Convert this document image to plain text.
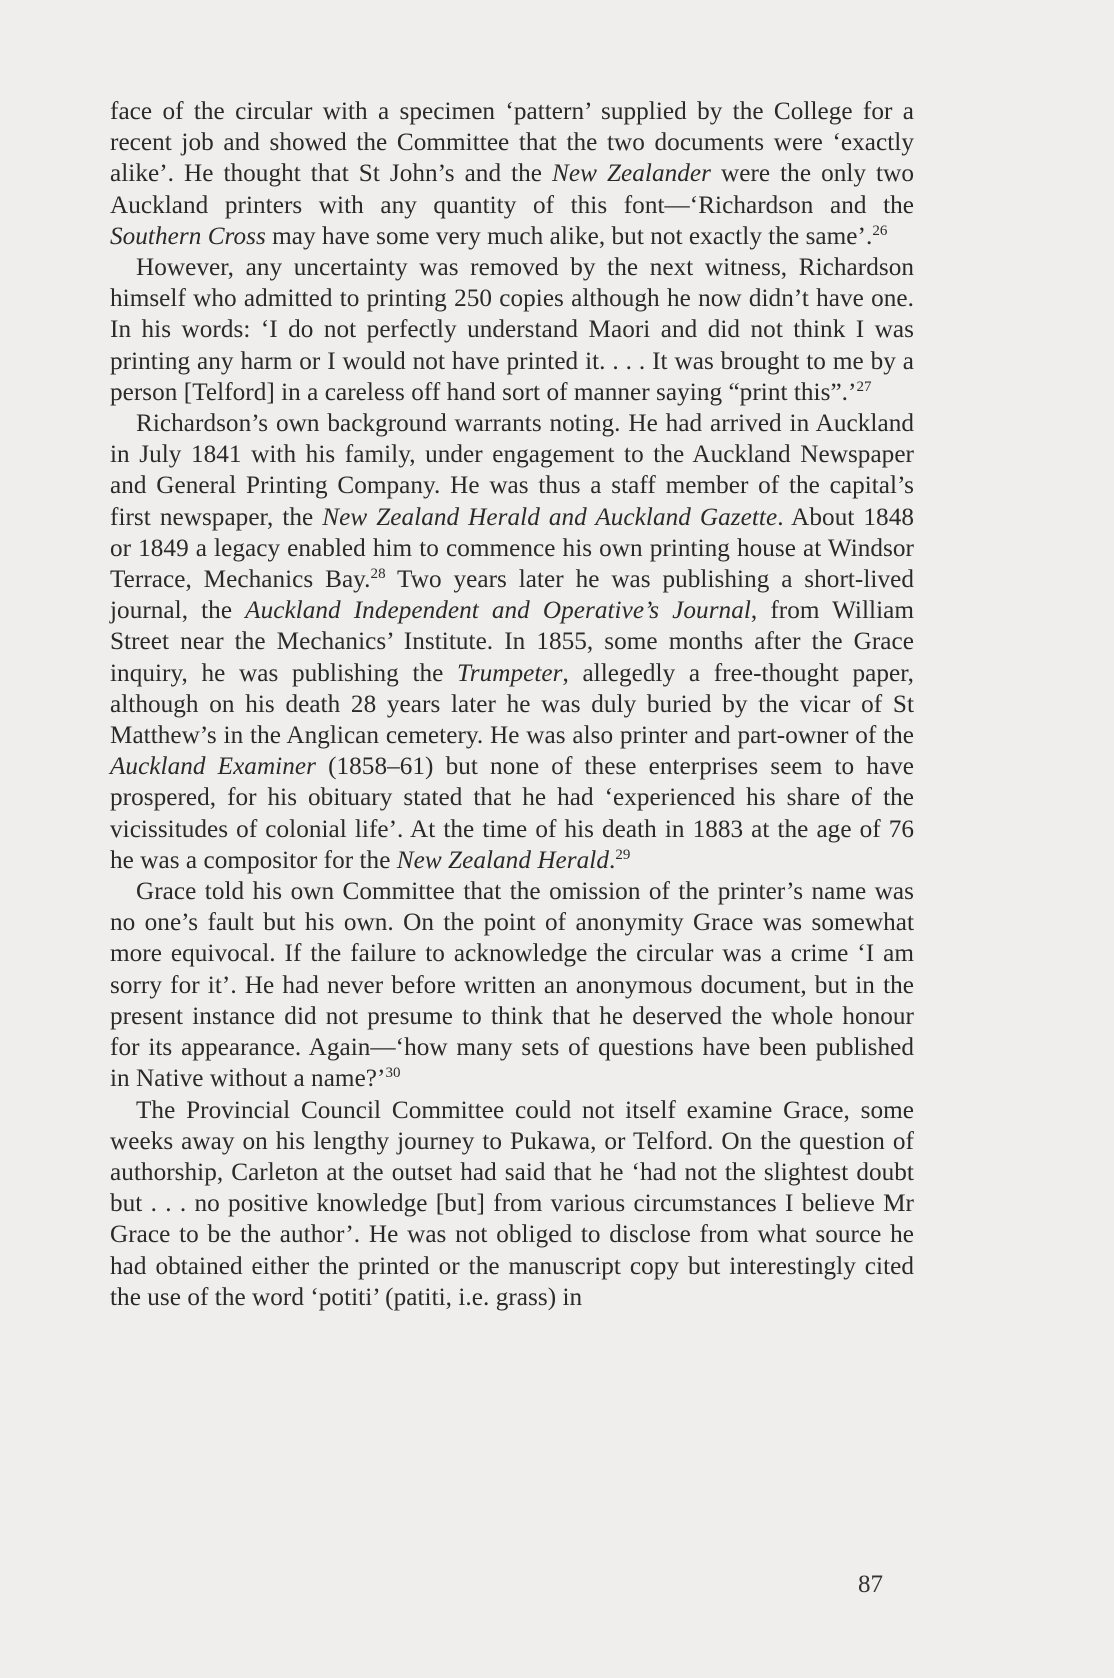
face of the circular with a specimen ‘pattern’ supplied by the College for a recent job and showed the Committee that the two documents were ‘exactly alike’. He thought that St John’s and the New Zealander were the only two Auckland printers with any quantity of this font—‘Richardson and the Southern Cross may have some very much alike, but not exactly the same’.$^{26}$

However, any uncertainty was removed by the next witness, Richardson himself who admitted to printing 250 copies although he now didn’t have one. In his words: ‘I do not perfectly understand Maori and did not think I was printing any harm or I would not have printed it. . . . It was brought to me by a person [Telford] in a careless off hand sort of manner saying “print this”.’$^{27}$

Richardson’s own background warrants noting. He had arrived in Auckland in July 1841 with his family, under engagement to the Auckland Newspaper and General Printing Company. He was thus a staff member of the capital’s first newspaper, the New Zealand Herald and Auckland Gazette. About 1848 or 1849 a legacy enabled him to commence his own printing house at Windsor Terrace, Mechanics Bay.$^{28}$ Two years later he was publishing a short-lived journal, the Auckland Independent and Operative’s Journal, from William Street near the Mechanics’ Institute. In 1855, some months after the Grace inquiry, he was publishing the Trumpeter, allegedly a free-thought paper, although on his death 28 years later he was duly buried by the vicar of St Matthew’s in the Anglican cemetery. He was also printer and part-owner of the Auckland Examiner (1858–61) but none of these enterprises seem to have prospered, for his obituary stated that he had ‘experienced his share of the vicissitudes of colonial life’. At the time of his death in 1883 at the age of 76 he was a compositor for the New Zealand Herald.$^{29}$

Grace told his own Committee that the omission of the printer’s name was no one’s fault but his own. On the point of anonymity Grace was somewhat more equivocal. If the failure to acknowledge the circular was a crime ‘I am sorry for it’. He had never before written an anonymous document, but in the present instance did not presume to think that he deserved the whole honour for its appearance. Again—‘how many sets of questions have been published in Native without a name?’$^{30}$

The Provincial Council Committee could not itself examine Grace, some weeks away on his lengthy journey to Pukawa, or Telford. On the question of authorship, Carleton at the outset had said that he ‘had not the slightest doubt but . . . no positive knowledge [but] from various circumstances I believe Mr Grace to be the author’. He was not obliged to disclose from what source he had obtained either the printed or the manuscript copy but interestingly cited the use of the word ‘potiti’ (patiti, i.e. grass) in

87
